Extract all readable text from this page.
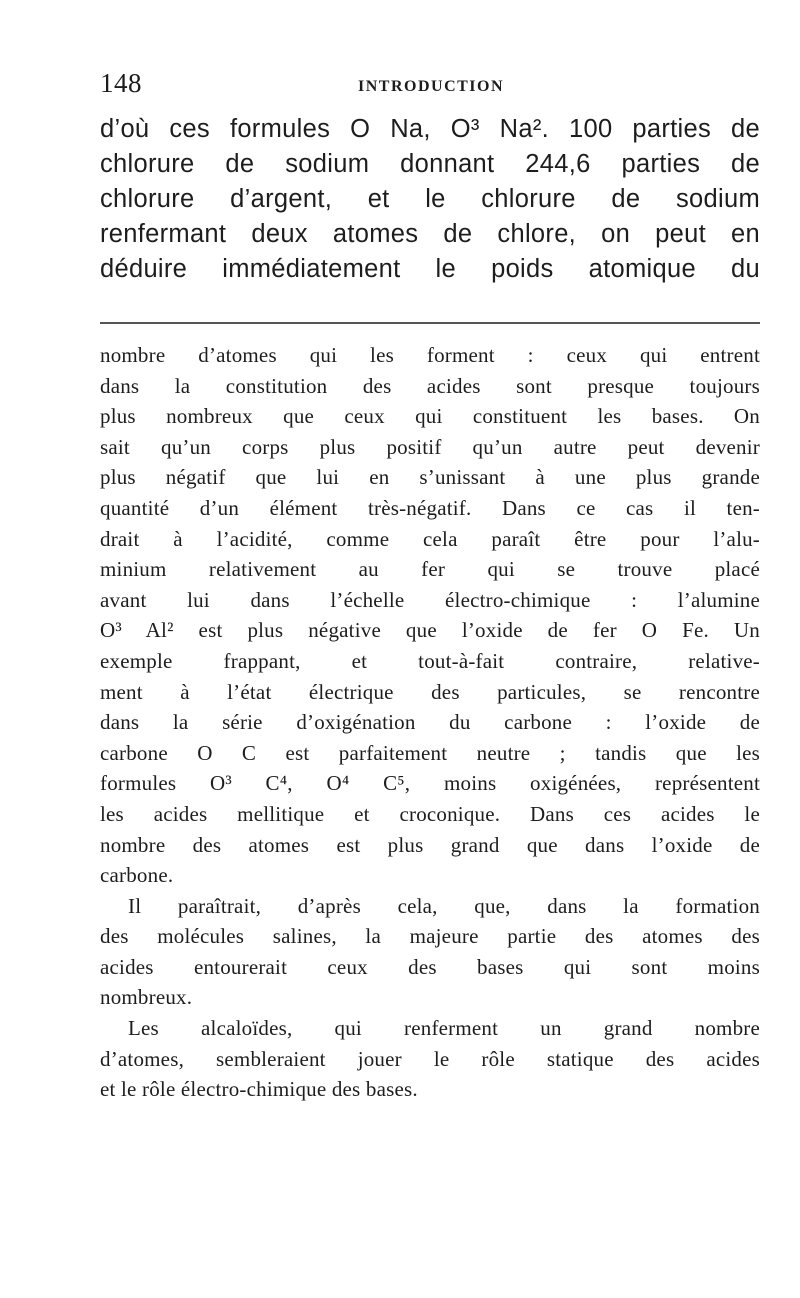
148	INTRODUCTION
d’où ces formules O Na, O³ Na². 100 parties de
chlorure de sodium donnant 244,6 parties de
chlorure d’argent, et le chlorure de sodium
renfermant deux atomes de chlore, on peut en
déduire immédiatement le poids atomique du
nombre d’atomes qui les forment : ceux qui entrent
dans la constitution des acides sont presque toujours
plus nombreux que ceux qui constituent les bases. On
sait qu’un corps plus positif qu’un autre peut devenir
plus négatif que lui en s’unissant à une plus grande
quantité d’un élément très-négatif. Dans ce cas il ten-
drait à l’acidité, comme cela paraît être pour l’alu-
minium relativement au fer qui se trouve placé
avant lui dans l’échelle électro-chimique : l’alumine
O³ Al² est plus négative que l’oxide de fer O Fe. Un
exemple frappant, et tout-à-fait contraire, relative-
ment à l’état électrique des particules, se rencontre
dans la série d’oxigénation du carbone : l’oxide de
carbone O C est parfaitement neutre ; tandis que les
formules O³ C⁴, O⁴ C⁵, moins oxigénées, représentent
les acides mellitique et croconique. Dans ces acides le
nombre des atomes est plus grand que dans l’oxide de
carbone.
Il paraîtrait, d’après cela, que, dans la formation
des molécules salines, la majeure partie des atomes des
acides entourerait ceux des bases qui sont moins
nombreux.
Les alcaloïdes, qui renferment un grand nombre
d’atomes, sembleraient jouer le rôle statique des acides
et le rôle électro-chimique des bases.
